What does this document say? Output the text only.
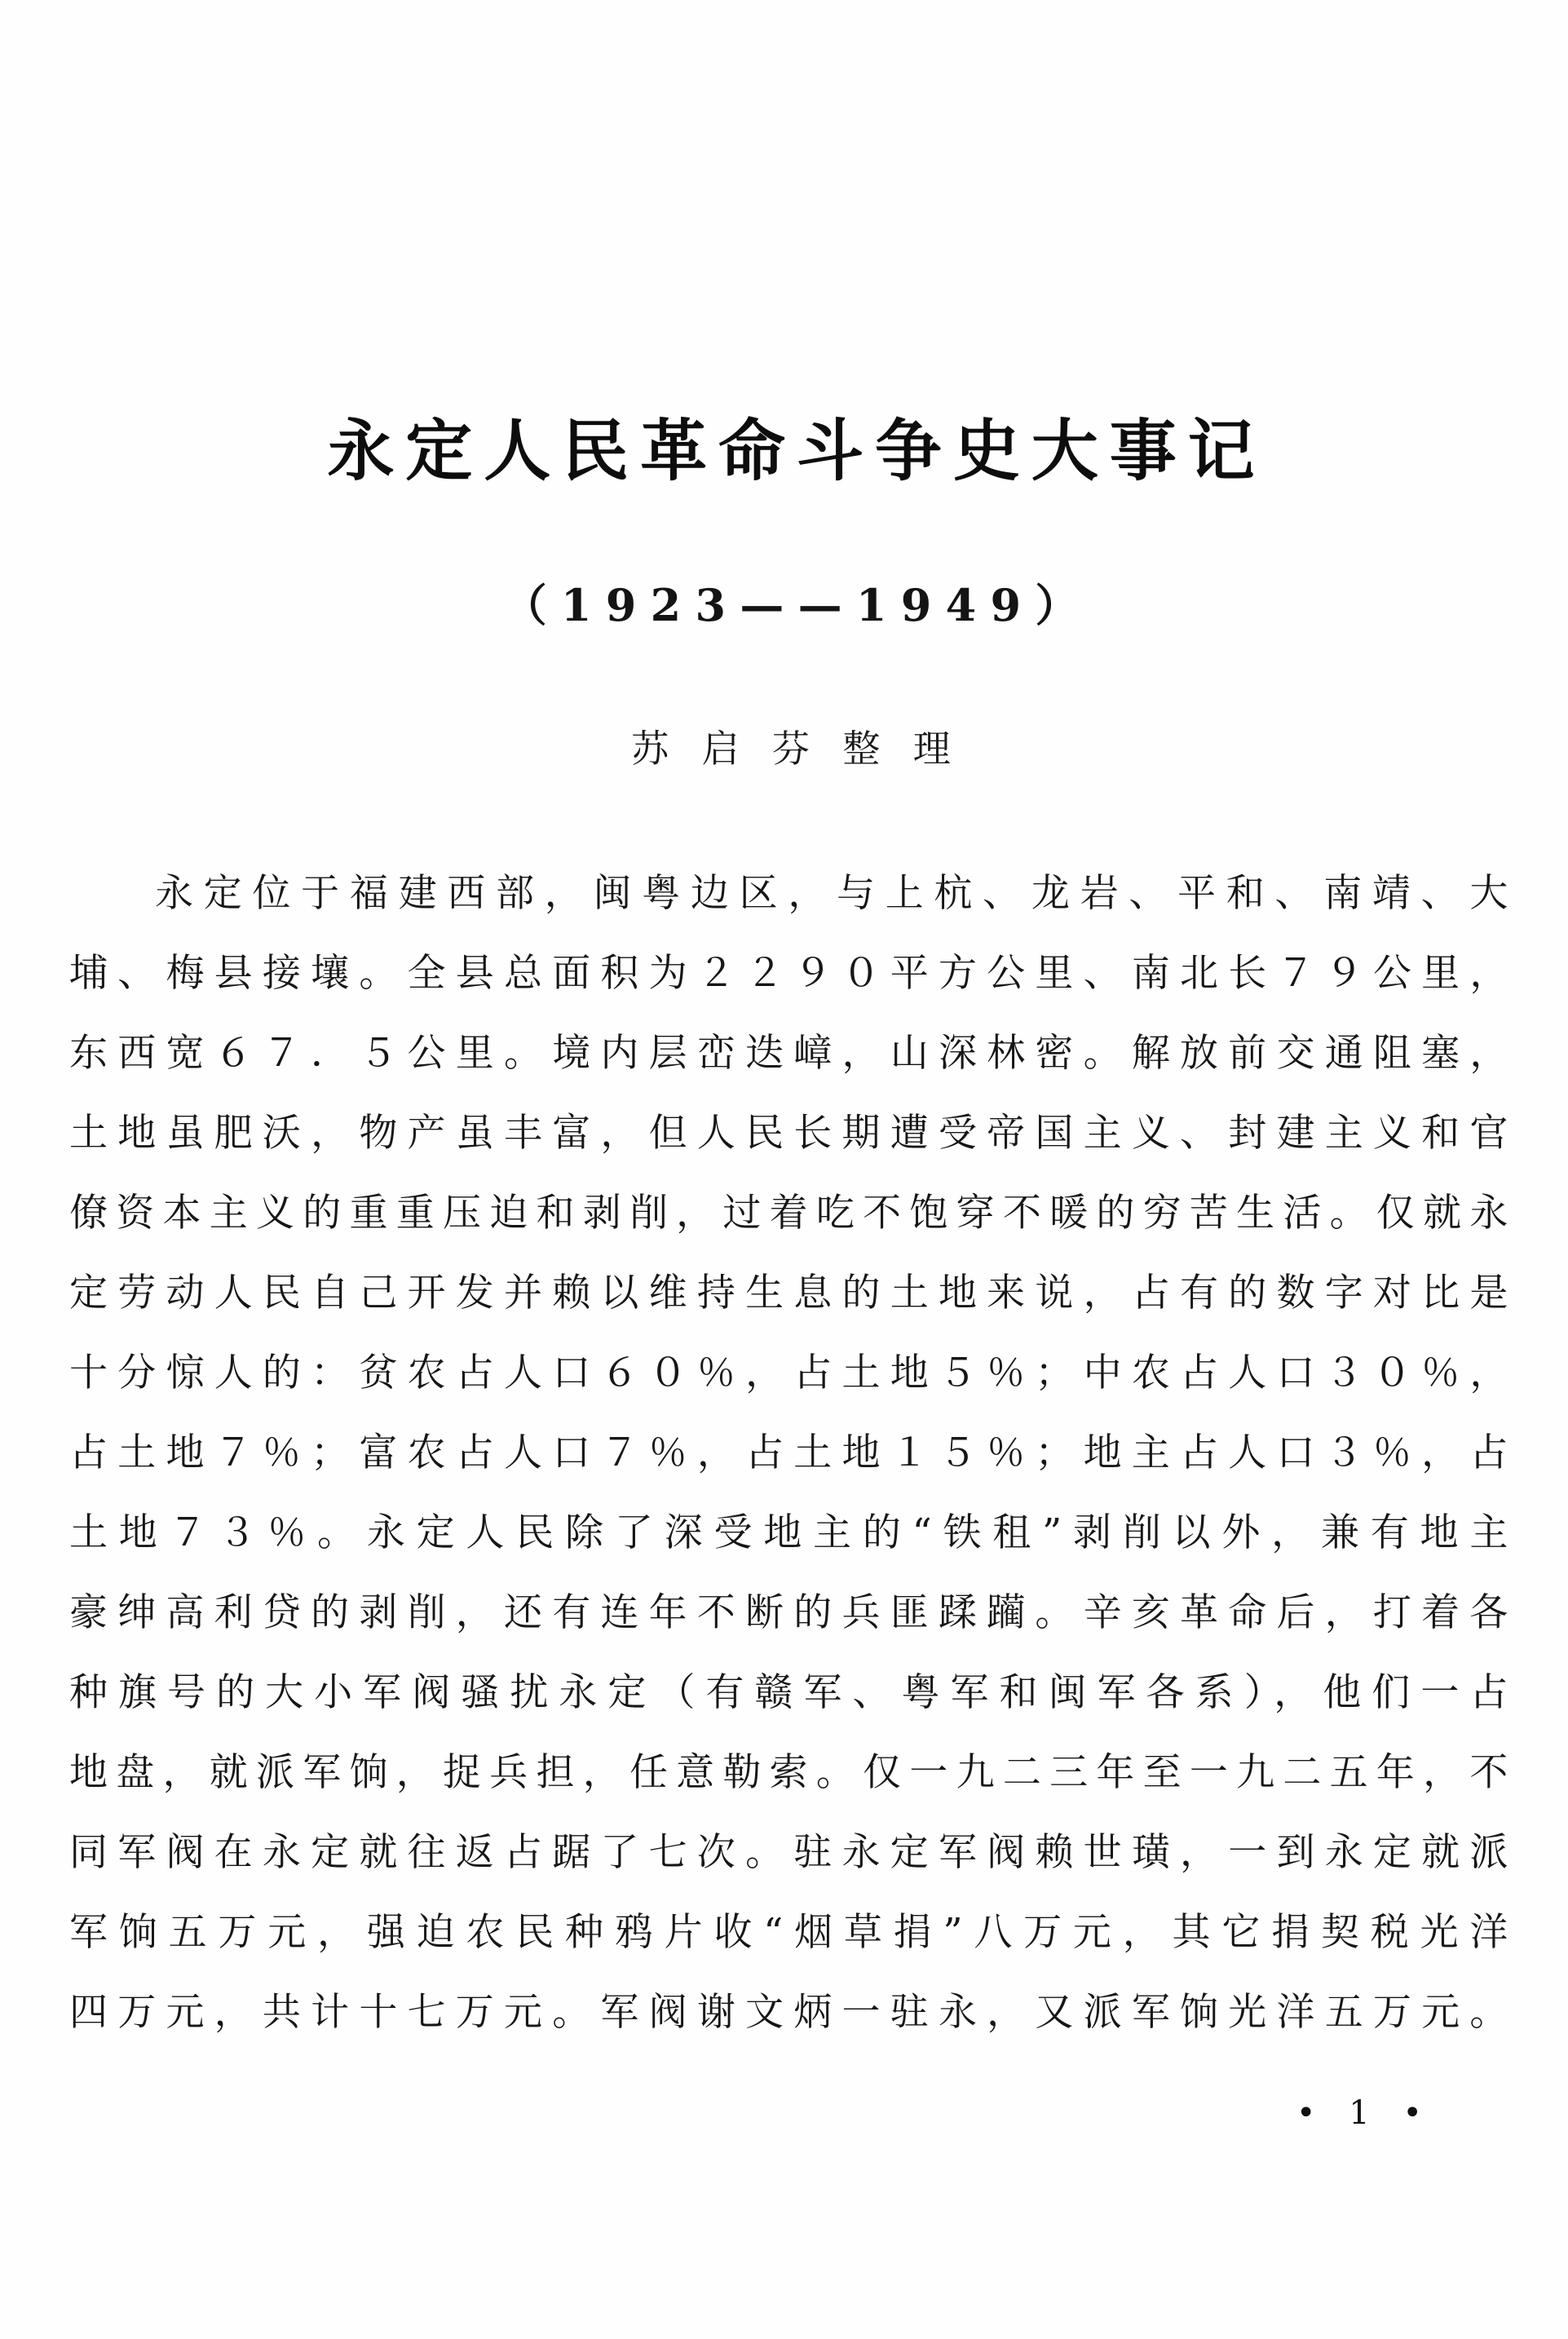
永定人民革命斗争史大事记
（1923——1949）
苏 启 芬 整 理
永定位于福建西部，闽粤边区，与上杭、龙岩、平和、南靖、大
埔、梅县接壤。全县总面积为２２９０平方公里、南北长７９公里，
东西宽６７．５公里。境内层峦迭嶂，山深林密。解放前交通阻塞，
土地虽肥沃，物产虽丰富，但人民长期遭受帝国主义、封建主义和官
僚资本主义的重重压迫和剥削，过着吃不饱穿不暖的穷苦生活。仅就永
定劳动人民自己开发并赖以维持生息的土地来说，占有的数字对比是
十分惊人的：贫农占人口６０％，占土地５％；中农占人口３０％，
占土地７％；富农占人口７％，占土地１５％；地主占人口３％，占
土地７３％。永定人民除了深受地主的“铁租”剥削以外，兼有地主
豪绅高利贷的剥削，还有连年不断的兵匪蹂躏。辛亥革命后，打着各
种旗号的大小军阀骚扰永定（有赣军、粤军和闽军各系），他们一占
地盘，就派军饷，捉兵担，任意勒索。仅一九二三年至一九二五年，不
同军阀在永定就往返占踞了七次。驻永定军阀赖世璜，一到永定就派
军饷五万元，强迫农民种鸦片收“烟草捐”八万元，其它捐契税光洋
四万元，共计十七万元。军阀谢文炳一驻永，又派军饷光洋五万元。
• 1 •
